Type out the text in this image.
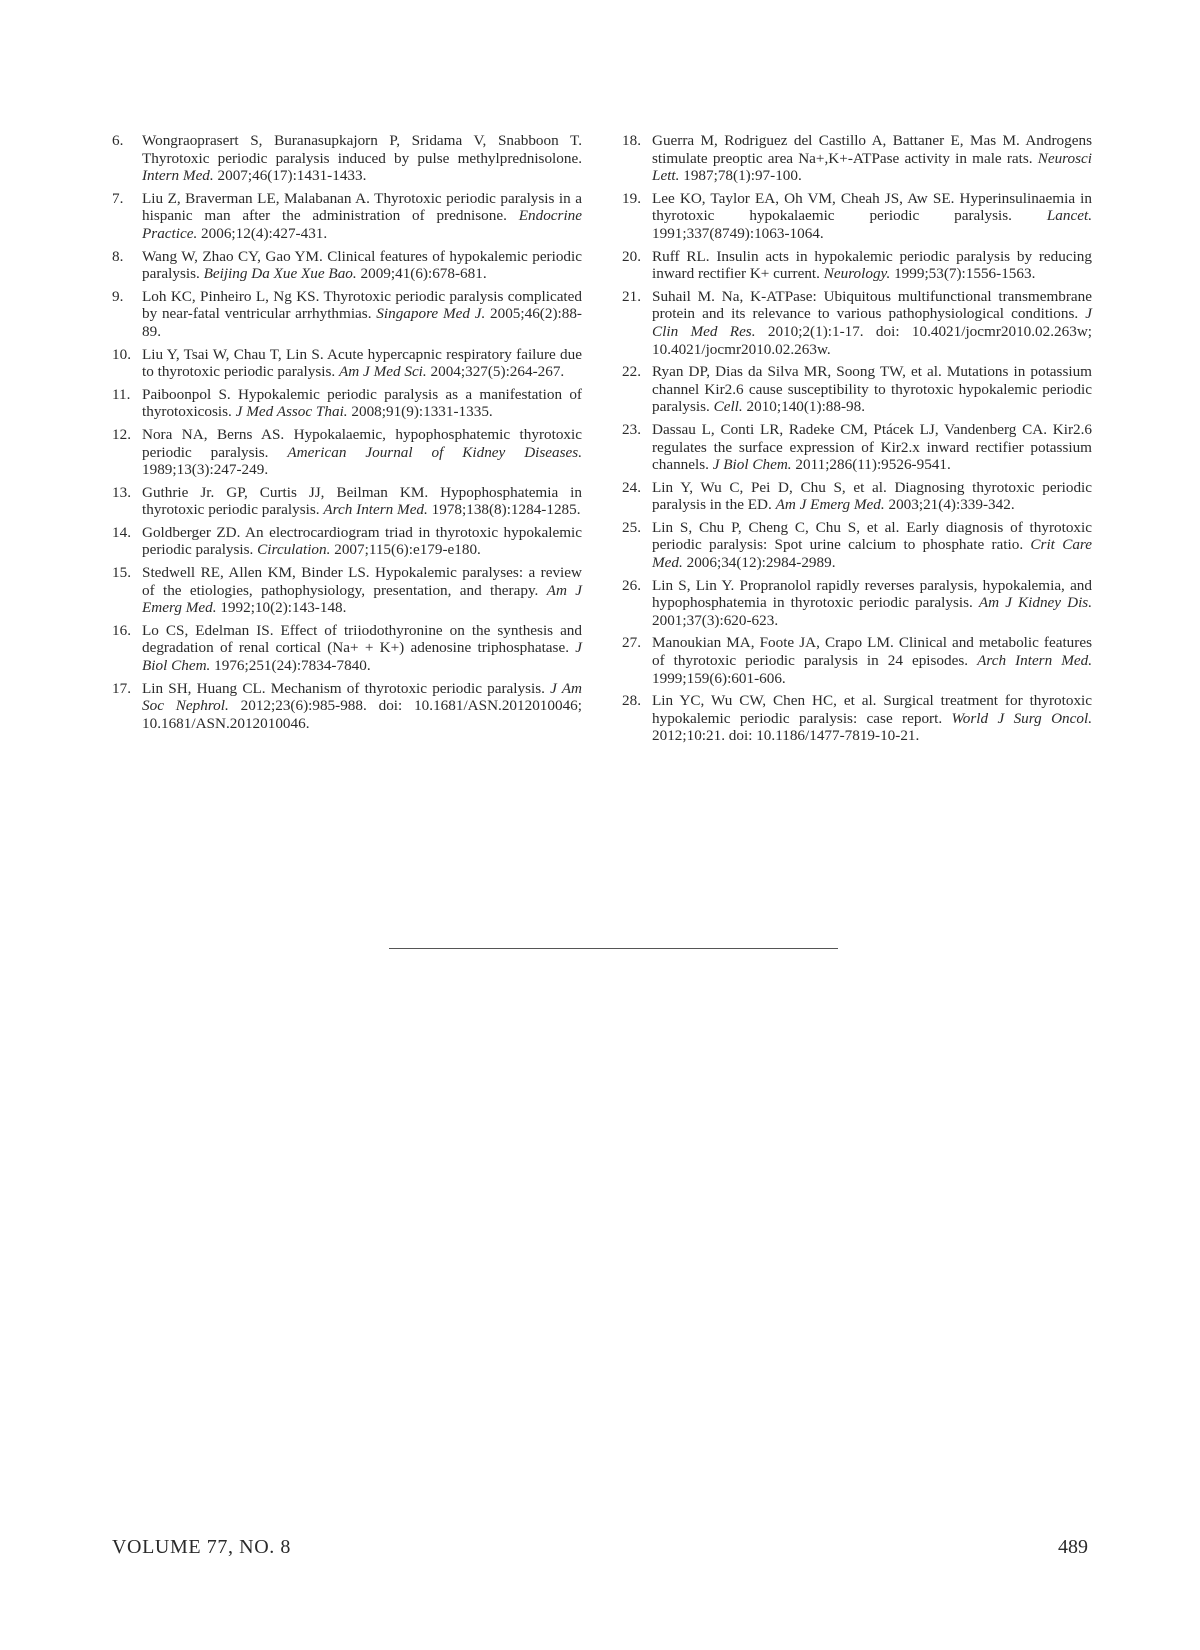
6.	Wongraoprasert S, Buranasupkajorn P, Sridama V, Snabboon T. Thyrotoxic periodic paralysis induced by pulse methylprednisolone. Intern Med. 2007;46(17):1431-1433.
7.	Liu Z, Braverman LE, Malabanan A. Thyrotoxic periodic paralysis in a hispanic man after the administration of prednisone. Endocrine Practice. 2006;12(4):427-431.
8.	Wang W, Zhao CY, Gao YM. Clinical features of hypokalemic periodic paralysis. Beijing Da Xue Xue Bao. 2009;41(6):678-681.
9.	Loh KC, Pinheiro L, Ng KS. Thyrotoxic periodic paralysis complicated by near-fatal ventricular arrhythmias. Singapore Med J. 2005;46(2):88-89.
10. Liu Y, Tsai W, Chau T, Lin S. Acute hypercapnic respiratory failure due to thyrotoxic periodic paralysis. Am J Med Sci. 2004;327(5):264-267.
11. Paiboonpol S. Hypokalemic periodic paralysis as a manifestation of thyrotoxicosis. J Med Assoc Thai. 2008;91(9):1331-1335.
12. Nora NA, Berns AS. Hypokalaemic, hypophosphatemic thyrotoxic periodic paralysis. American Journal of Kidney Diseases. 1989;13(3):247-249.
13. Guthrie Jr. GP, Curtis JJ, Beilman KM. Hypophosphatemia in thyrotoxic periodic paralysis. Arch Intern Med. 1978;138(8):1284-1285.
14. Goldberger ZD. An electrocardiogram triad in thyrotoxic hypokalemic periodic paralysis. Circulation. 2007;115(6):e179-e180.
15. Stedwell RE, Allen KM, Binder LS. Hypokalemic paralyses: a review of the etiologies, pathophysiology, presentation, and therapy. Am J Emerg Med. 1992;10(2):143-148.
16. Lo CS, Edelman IS. Effect of triiodothyronine on the synthesis and degradation of renal cortical (Na+ + K+) adenosine triphosphatase. J Biol Chem. 1976;251(24):7834-7840.
17. Lin SH, Huang CL. Mechanism of thyrotoxic periodic paralysis. J Am Soc Nephrol. 2012;23(6):985-988. doi: 10.1681/ASN.2012010046; 10.1681/ASN.2012010046.
18. Guerra M, Rodriguez del Castillo A, Battaner E, Mas M. Androgens stimulate preoptic area Na+,K+-ATPase activity in male rats. Neurosci Lett. 1987;78(1):97-100.
19. Lee KO, Taylor EA, Oh VM, Cheah JS, Aw SE. Hyperinsulinaemia in thyrotoxic hypokalaemic periodic paralysis. Lancet. 1991;337(8749):1063-1064.
20. Ruff RL. Insulin acts in hypokalemic periodic paralysis by reducing inward rectifier K+ current. Neurology. 1999;53(7):1556-1563.
21. Suhail M. Na, K-ATPase: Ubiquitous multifunctional transmembrane protein and its relevance to various pathophysiological conditions. J Clin Med Res. 2010;2(1):1-17. doi: 10.4021/jocmr2010.02.263w; 10.4021/jocmr2010.02.263w.
22. Ryan DP, Dias da Silva MR, Soong TW, et al. Mutations in potassium channel Kir2.6 cause susceptibility to thyrotoxic hypokalemic periodic paralysis. Cell. 2010;140(1):88-98.
23. Dassau L, Conti LR, Radeke CM, Ptácek LJ, Vandenberg CA. Kir2.6 regulates the surface expression of Kir2.x inward rectifier potassium channels. J Biol Chem. 2011;286(11):9526-9541.
24. Lin Y, Wu C, Pei D, Chu S, et al. Diagnosing thyrotoxic periodic paralysis in the ED. Am J Emerg Med. 2003;21(4):339-342.
25. Lin S, Chu P, Cheng C, Chu S, et al. Early diagnosis of thyrotoxic periodic paralysis: Spot urine calcium to phosphate ratio. Crit Care Med. 2006;34(12):2984-2989.
26. Lin S, Lin Y. Propranolol rapidly reverses paralysis, hypokalemia, and hypophosphatemia in thyrotoxic periodic paralysis. Am J Kidney Dis. 2001;37(3):620-623.
27. Manoukian MA, Foote JA, Crapo LM. Clinical and metabolic features of thyrotoxic periodic paralysis in 24 episodes. Arch Intern Med. 1999;159(6):601-606.
28. Lin YC, Wu CW, Chen HC, et al. Surgical treatment for thyrotoxic hypokalemic periodic paralysis: case report. World J Surg Oncol. 2012;10:21. doi: 10.1186/1477-7819-10-21.
VOLUME 77, NO. 8	489
